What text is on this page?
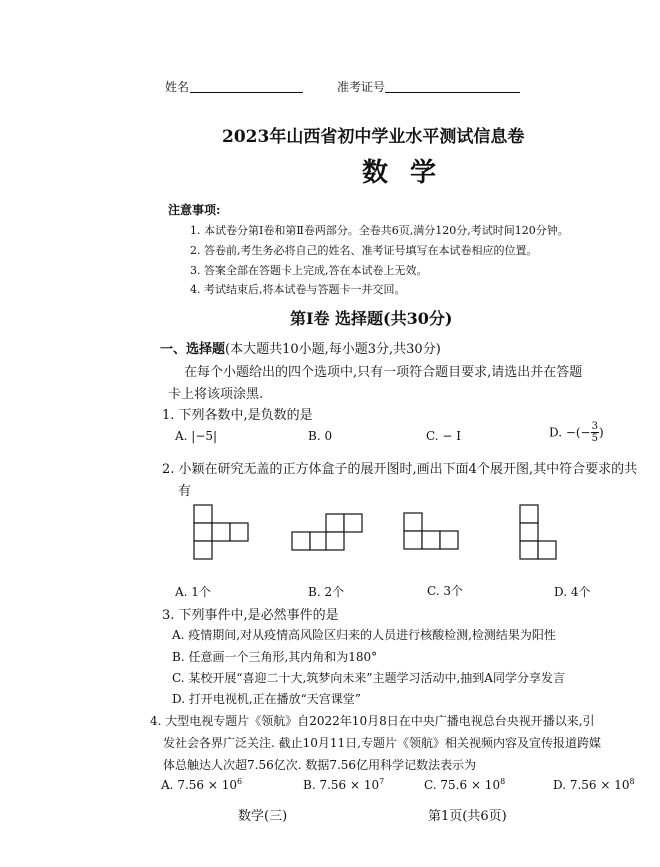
姓名	准考证号
2023年山西省初中学业水平测试信息卷
数学
注意事项:
1. 本试卷分第Ⅰ卷和第Ⅱ卷两部分。全卷共6页,满分120分,考试时间120分钟。
2. 答卷前,考生务必将自己的姓名、准考证号填写在本试卷相应的位置。
3. 答案全部在答题卡上完成,答在本试卷上无效。
4. 考试结束后,将本试卷与答题卡一并交回。
第Ⅰ卷 选择题(共30分)
一、选择题(本大题共10小题,每小题3分,共30分)
在每个小题给出的四个选项中,只有一项符合题目要求,请选出并在答题
卡上将该项涂黑.
1. 下列各数中,是负数的是
A. |−5|	B. 0	C. − I	D. −(− $\frac{3}{5}$ )
2. 小颖在研究无盖的正方体盒子的展开图时,画出下面4个展开图,其中符合要求的共
有
A. 1个	B. 2个	C. 3个	D. 4个
3. 下列事件中,是必然事件的是
A. 疫情期间,对从疫情高风险区归来的人员进行核酸检测,检测结果为阳性
B. 任意画一个三角形,其内角和为180°
C. 某校开展“喜迎二十大,筑梦向未来”主题学习活动中,抽到A同学分享发言
D. 打开电视机,正在播放“天宫课堂”
4. 大型电视专题片《领航》自2022年10月8日在中央广播电视总台央视开播以来,引
发社会各界广泛关注. 截止10月11日,专题片《领航》相关视频内容及宣传报道跨媒
体总触达人次超7.56亿次. 数据7.56亿用科学记数法表示为
A. $7.56 \times 10^6$	B. $7.56 \times 10^7$	C. $75.6 \times 10^8$	D. $7.56 \times 10^8$
数学(三)	第1页(共6页)
